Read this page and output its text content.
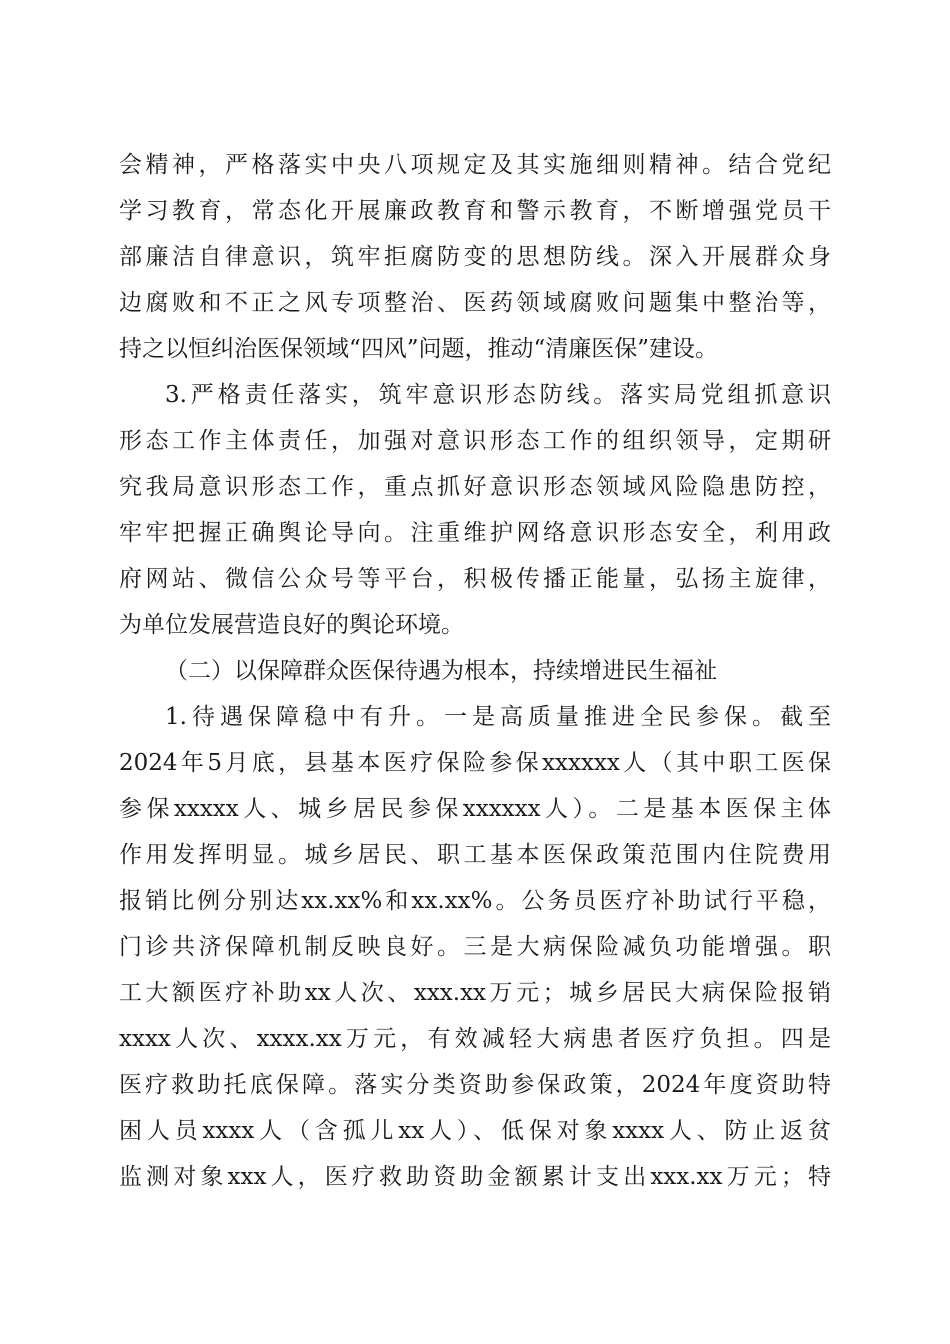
会精神，严格落实中央八项规定及其实施细则精神。结合党纪
学习教育，常态化开展廉政教育和警示教育，不断增强党员干
部廉洁自律意识，筑牢拒腐防变的思想防线。深入开展群众身
边腐败和不正之风专项整治、医药领域腐败问题集中整治等，
持之以恒纠治医保领域“四风”问题，推动“清廉医保”建设。
3.严格责任落实，筑牢意识形态防线。落实局党组抓意识
形态工作主体责任，加强对意识形态工作的组织领导，定期研
究我局意识形态工作，重点抓好意识形态领域风险隐患防控，
牢牢把握正确舆论导向。注重维护网络意识形态安全，利用政
府网站、微信公众号等平台，积极传播正能量，弘扬主旋律，
为单位发展营造良好的舆论环境。
（二）以保障群众医保待遇为根本，持续增进民生福祉
1.待遇保障稳中有升。一是高质量推进全民参保。截至
2024年5月底，县基本医疗保险参保xxxxxx人（其中职工医保
参保xxxxx人、城乡居民参保xxxxxx人）。二是基本医保主体
作用发挥明显。城乡居民、职工基本医保政策范围内住院费用
报销比例分别达xx.xx%和xx.xx%。公务员医疗补助试行平稳，
门诊共济保障机制反映良好。三是大病保险减负功能增强。职
工大额医疗补助xx人次、xxx.xx万元；城乡居民大病保险报销
xxxx人次、xxxx.xx万元，有效减轻大病患者医疗负担。四是
医疗救助托底保障。落实分类资助参保政策，2024年度资助特
困人员xxxx人（含孤儿xx人）、低保对象xxxx人、防止返贫
监测对象xxx人，医疗救助资助金额累计支出xxx.xx万元；特
